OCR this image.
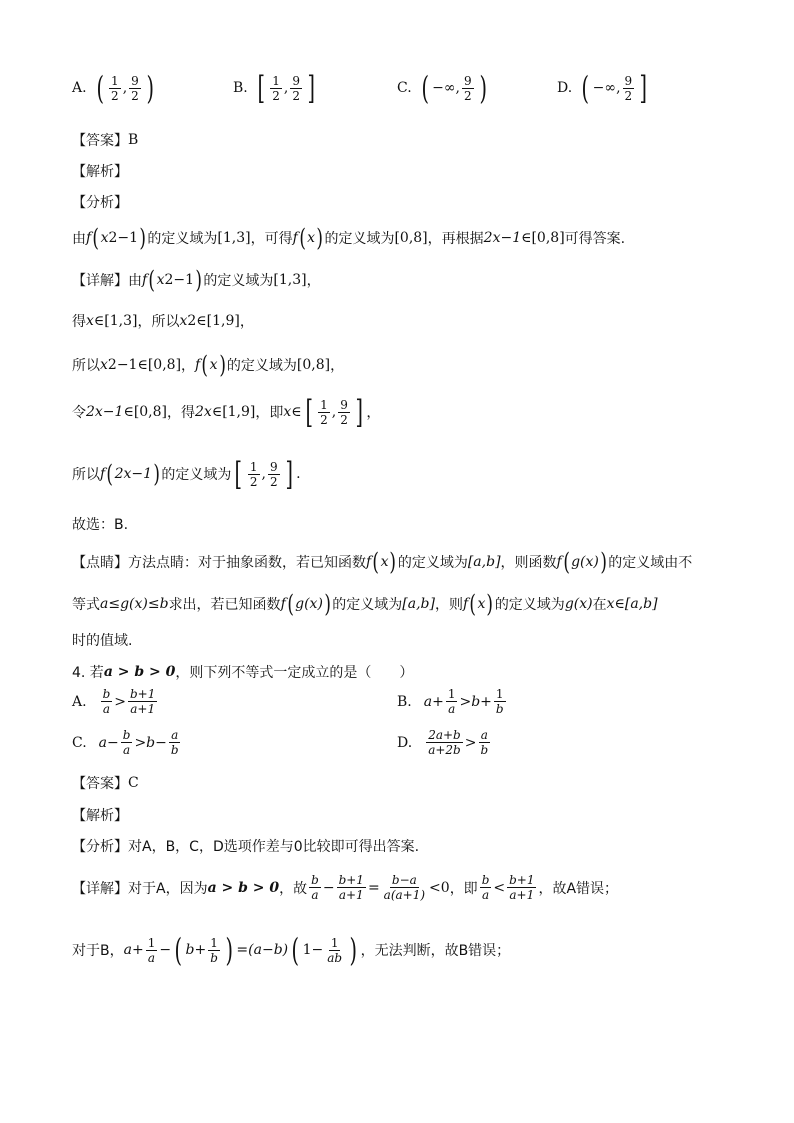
A. ( $\frac{1}{2}$ , $\frac{9}{2}$ )	B. [ $\frac{1}{2}$ , $\frac{9}{2}$ ]	C. ( −∞, $\frac{9}{2}$ )	D. ( −∞, $\frac{9}{2}$ ]
【答案】 B
【解析】
【分析】
由 f ( x 2 −1 ) 的定义域为 [1,3] ，可得 f ( x ) 的定义域为 [0,8] ，再根据 2x−1∈ [0,8] 可得答案.
【详解】 由 f ( x 2 −1 ) 的定义域为 [1,3] ，
得 x∈ [1,3] ，所以 x 2 ∈ [1,9] ，
所以 x 2 −1∈ [0,8] ， f ( x ) 的定义域为 [0,8] ，
令 2x−1∈ [0,8] ，得 2x∈ [1,9] ，即 x∈ [ $\frac{1}{2}$ , $\frac{9}{2}$ ] ，
所以 f ( 2x−1 ) 的定义域为 [ $\frac{1}{2}$ , $\frac{9}{2}$ ] .
故选：B.
【点睛】 方法点睛：对于抽象函数，若已知函数 f ( x ) 的定义域为 [a,b] ，则函数 f ( g(x) ) 的定义域由不
等式 a≤g(x)≤b 求出，若已知函数 f ( g(x) ) 的定义域为 [a,b] ，则 f ( x ) 的定义域为 g(x) 在 x∈ [a,b]
时的值域.
4. 若 a > b > 0 ，则下列不等式一定成立的是（　　）
A. $\frac{b}{a} > \frac{b+1}{a+1}$	B. $a+ \frac{1}{a} > b+ \frac{1}{b}$
C. $a- \frac{b}{a} > b- \frac{a}{b}$	D. $\frac{2a+b}{a+2b} > \frac{a}{b}$
【答案】 C
【解析】
【分析】 对A，B，C，D选项作差与0比较即可得出答案.
【详解】 对于A，因为 a > b > 0 ，故 $\frac{b}{a} - \frac{b+1}{a+1} = \frac{b-a}{a(a+1)} <0$ ，即 $\frac{b}{a} < \frac{b+1}{a+1}$ ，故A错误；
对于B， $a+ \frac{1}{a}$ − ( $b+ \frac{1}{b}$ ) = (a−b) ( $1- \frac{1}{ab}$ ) ，无法判断，故B错误；
